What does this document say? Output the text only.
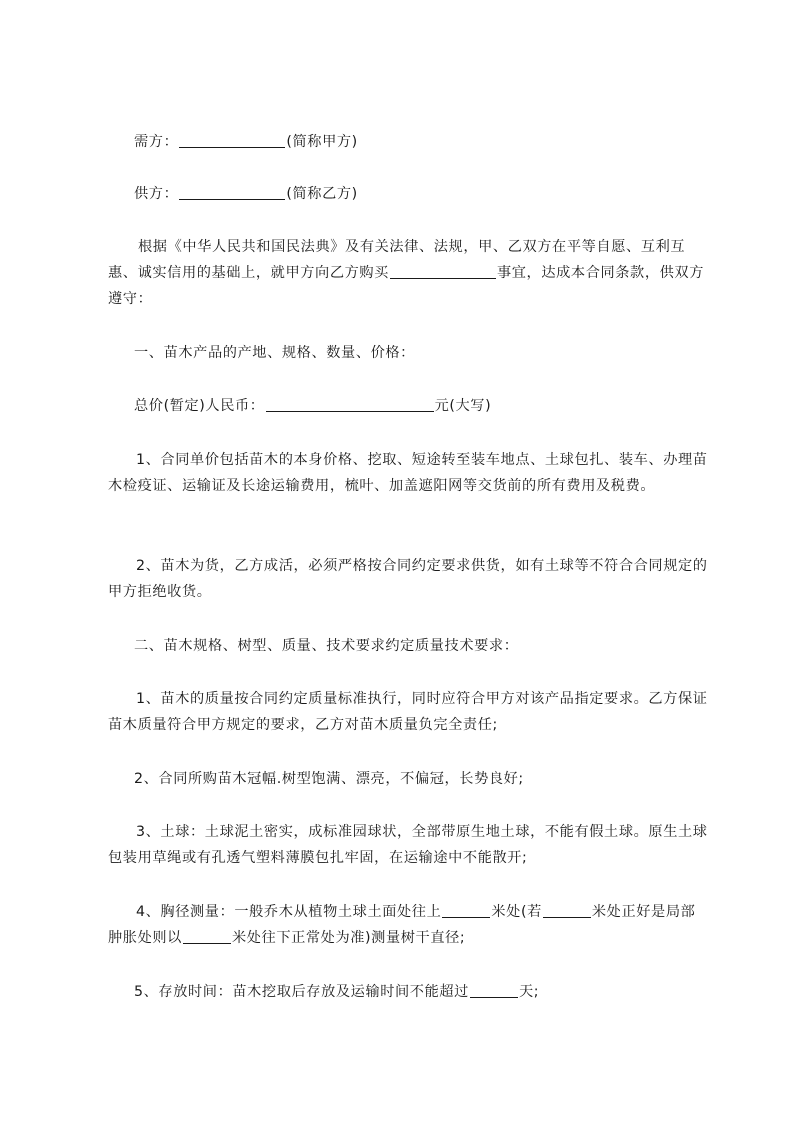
需方：	(简称甲方)
供方：	(简称乙方)
根据《中华人民共和国民法典》及有关法律、法规，甲、乙双方在平等自愿、互利互惠、诚实信用的基础上，就甲方向乙方购买	事宜，达成本合同条款，供双方遵守：
一、苗木产品的产地、规格、数量、价格：
总价(暂定)人民币：	元(大写)
1、合同单价包括苗木的本身价格、挖取、短途转至装车地点、土球包扎、装车、办理苗木检疫证、运输证及长途运输费用，梳叶、加盖遮阳网等交货前的所有费用及税费。
2、苗木为货，乙方成活，必须严格按合同约定要求供货，如有土球等不符合合同规定的甲方拒绝收货。
二、苗木规格、树型、质量、技术要求约定质量技术要求：
1、苗木的质量按合同约定质量标准执行，同时应符合甲方对该产品指定要求。乙方保证苗木质量符合甲方规定的要求，乙方对苗木质量负完全责任;
2、合同所购苗木冠幅.树型饱满、漂亮，不偏冠，长势良好;
3、土球：土球泥土密实，成标准园球状，全部带原生地土球，不能有假土球。原生土球包装用草绳或有孔透气塑料薄膜包扎牢固，在运输途中不能散开;
4、胸径测量：一般乔木从植物土球土面处往上	米处(若	米处正好是局部肿胀处则以	米处往下正常处为准)测量树干直径;
5、存放时间：苗木挖取后存放及运输时间不能超过	天;
